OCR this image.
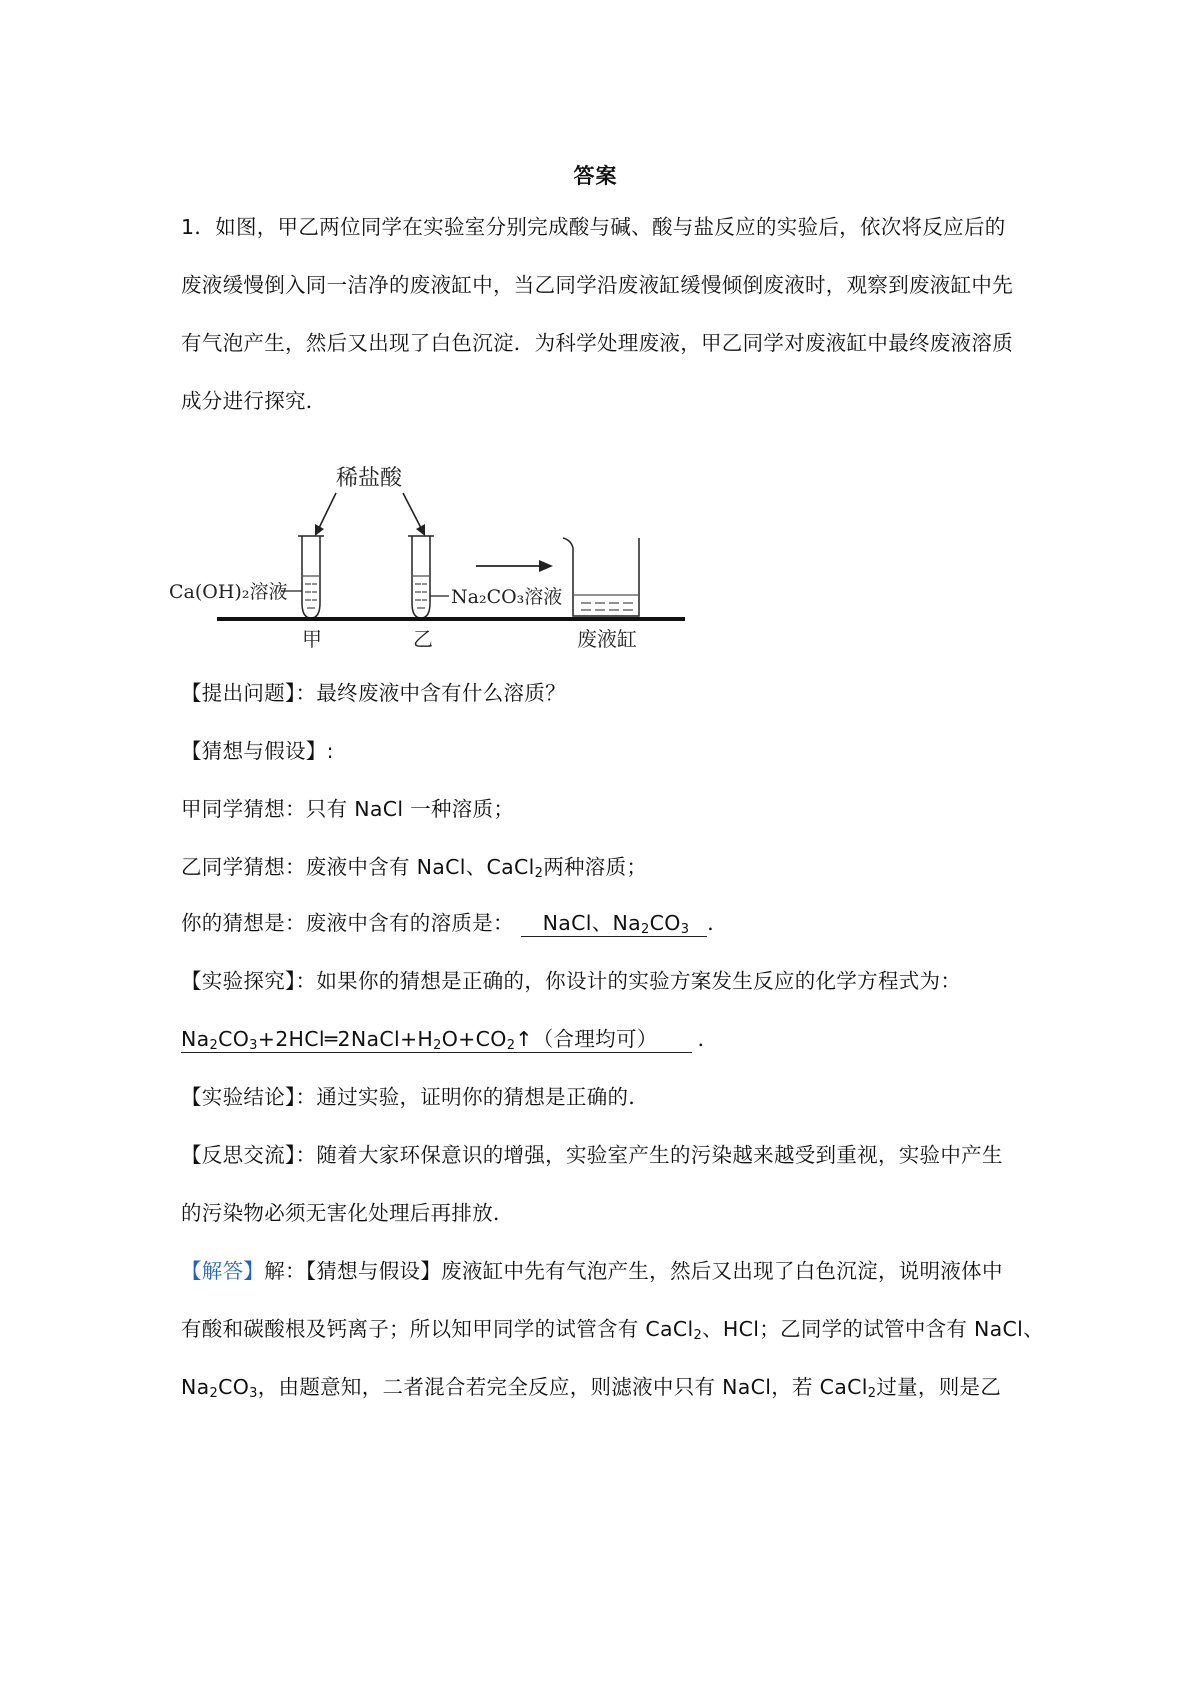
答案
1．如图，甲乙两位同学在实验室分别完成酸与碱、酸与盐反应的实验后，依次将反应后的
废液缓慢倒入同一洁净的废液缸中，当乙同学沿废液缸缓慢倾倒废液时，观察到废液缸中先
有气泡产生，然后又出现了白色沉淀．为科学处理废液，甲乙同学对废液缸中最终废液溶质
成分进行探究．
稀盐酸
Ca(OH)₂溶液	Na₂CO₃溶液
甲	乙	废液缸
【提出问题】：最终废液中含有什么溶质？
【猜想与假设】:
甲同学猜想：只有 NaCl 一种溶质；
乙同学猜想：废液中含有 NaCl、CaCl$_2$两种溶质；
你的猜想是：废液中含有的溶质是： NaCl、$Na_2CO_3$ ．
【实验探究】：如果你的猜想是正确的，你设计的实验方案发生反应的化学方程式为：
$Na_2CO_3+2HCl═2NaCl+H_2O+CO_2↑$（合理均可） ．
【实验结论】：通过实验，证明你的猜想是正确的．
【反思交流】：随着大家环保意识的增强，实验室产生的污染越来越受到重视，实验中产生
的污染物必须无害化处理后再排放．
【解答】解：【猜想与假设】废液缸中先有气泡产生，然后又出现了白色沉淀，说明液体中
有酸和碳酸根及钙离子；所以知甲同学的试管含有 CaCl$_2$、HCl；乙同学的试管中含有 NaCl、
$Na_2CO_3$，由题意知，二者混合若完全反应，则滤液中只有 NaCl，若 CaCl$_2$过量，则是乙
